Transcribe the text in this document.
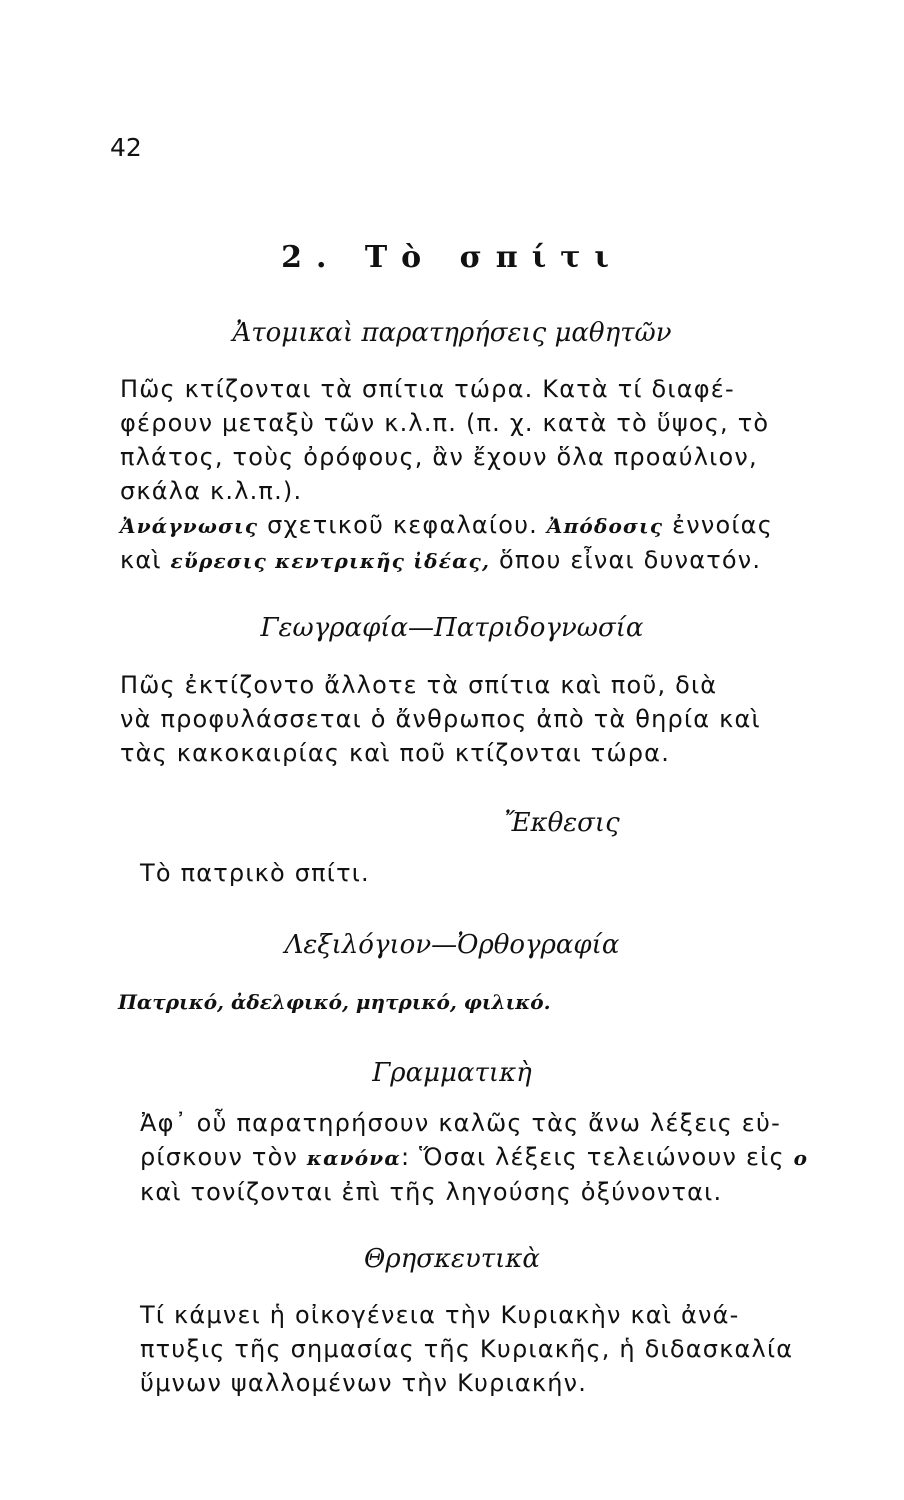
42
2. Τὸ σπίτι
Ἀτομικαὶ παρατηρήσεις μαθητῶν
Πῶς κτίζονται τὰ σπίτια τώρα. Κατὰ τί διαφέ-
φέρουν μεταξὺ τῶν κ.λ.π. (π. χ. κατὰ τὸ ὕψος, τὸ
πλάτος, τοὺς ὀρόφους, ἂν ἔχουν ὅλα προαύλιον,
σκάλα κ.λ.π.).
Ἀνάγνωσις σχετικοῦ κεφαλαίου. Ἀπόδοσις ἐννοίας
καὶ εὕρεσις κεντρικῆς ἰδέας, ὅπου εἶναι δυνατόν.
Γεωγραφία—Πατριδογνωσία
Πῶς ἐκτίζοντο ἄλλοτε τὰ σπίτια καὶ ποῦ, διὰ
νὰ προφυλάσσεται ὁ ἄνθρωπος ἀπὸ τὰ θηρία καὶ
τὰς κακοκαιρίας καὶ ποῦ κτίζονται τώρα.
Ἔκθεσις
Τὸ πατρικὸ σπίτι.
Λεξιλόγιον—Ὀρθογραφία
Πατρικό, ἀδελφικό, μητρικό, φιλικό.
Γραμματικὴ
Ἀφ᾽ οὗ παρατηρήσουν καλῶς τὰς ἄνω λέξεις εὑ-
ρίσκουν τὸν κανόνα: Ὅσαι λέξεις τελειώνουν εἰς ο
καὶ τονίζονται ἐπὶ τῆς ληγούσης ὀξύνονται.
Θρησκευτικὰ
Τί κάμνει ἡ οἰκογένεια τὴν Κυριακὴν καὶ ἀνά-
πτυξις τῆς σημασίας τῆς Κυριακῆς, ἡ διδασκαλία
ὕμνων ψαλλομένων τὴν Κυριακήν.
